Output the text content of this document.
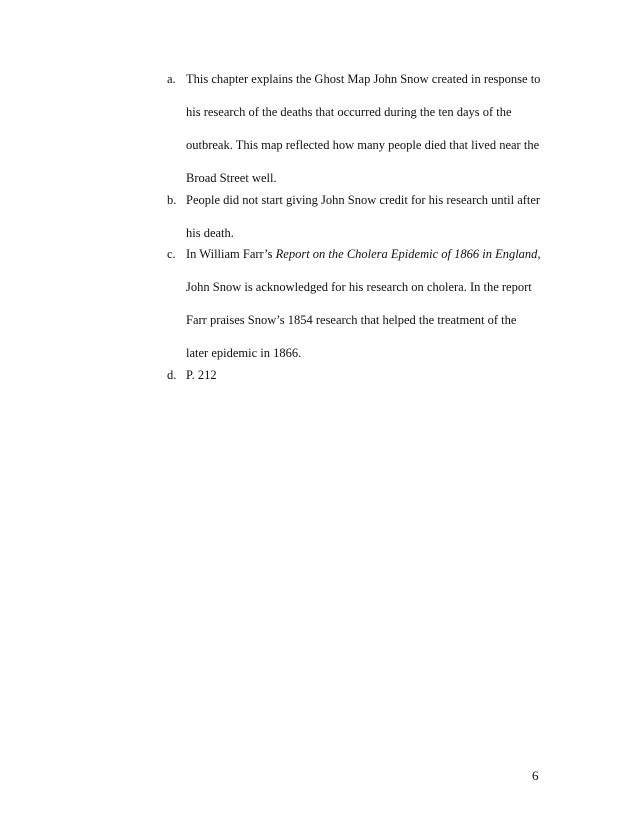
a. This chapter explains the Ghost Map John Snow created in response to
his research of the deaths that occurred during the ten days of the
outbreak. This map reflected how many people died that lived near the
Broad Street well.
b. People did not start giving John Snow credit for his research until after
his death.
c. In William Farr’s Report on the Cholera Epidemic of 1866 in England,
John Snow is acknowledged for his research on cholera. In the report
Farr praises Snow’s 1854 research that helped the treatment of the
later epidemic in 1866.
d. P. 212
6
